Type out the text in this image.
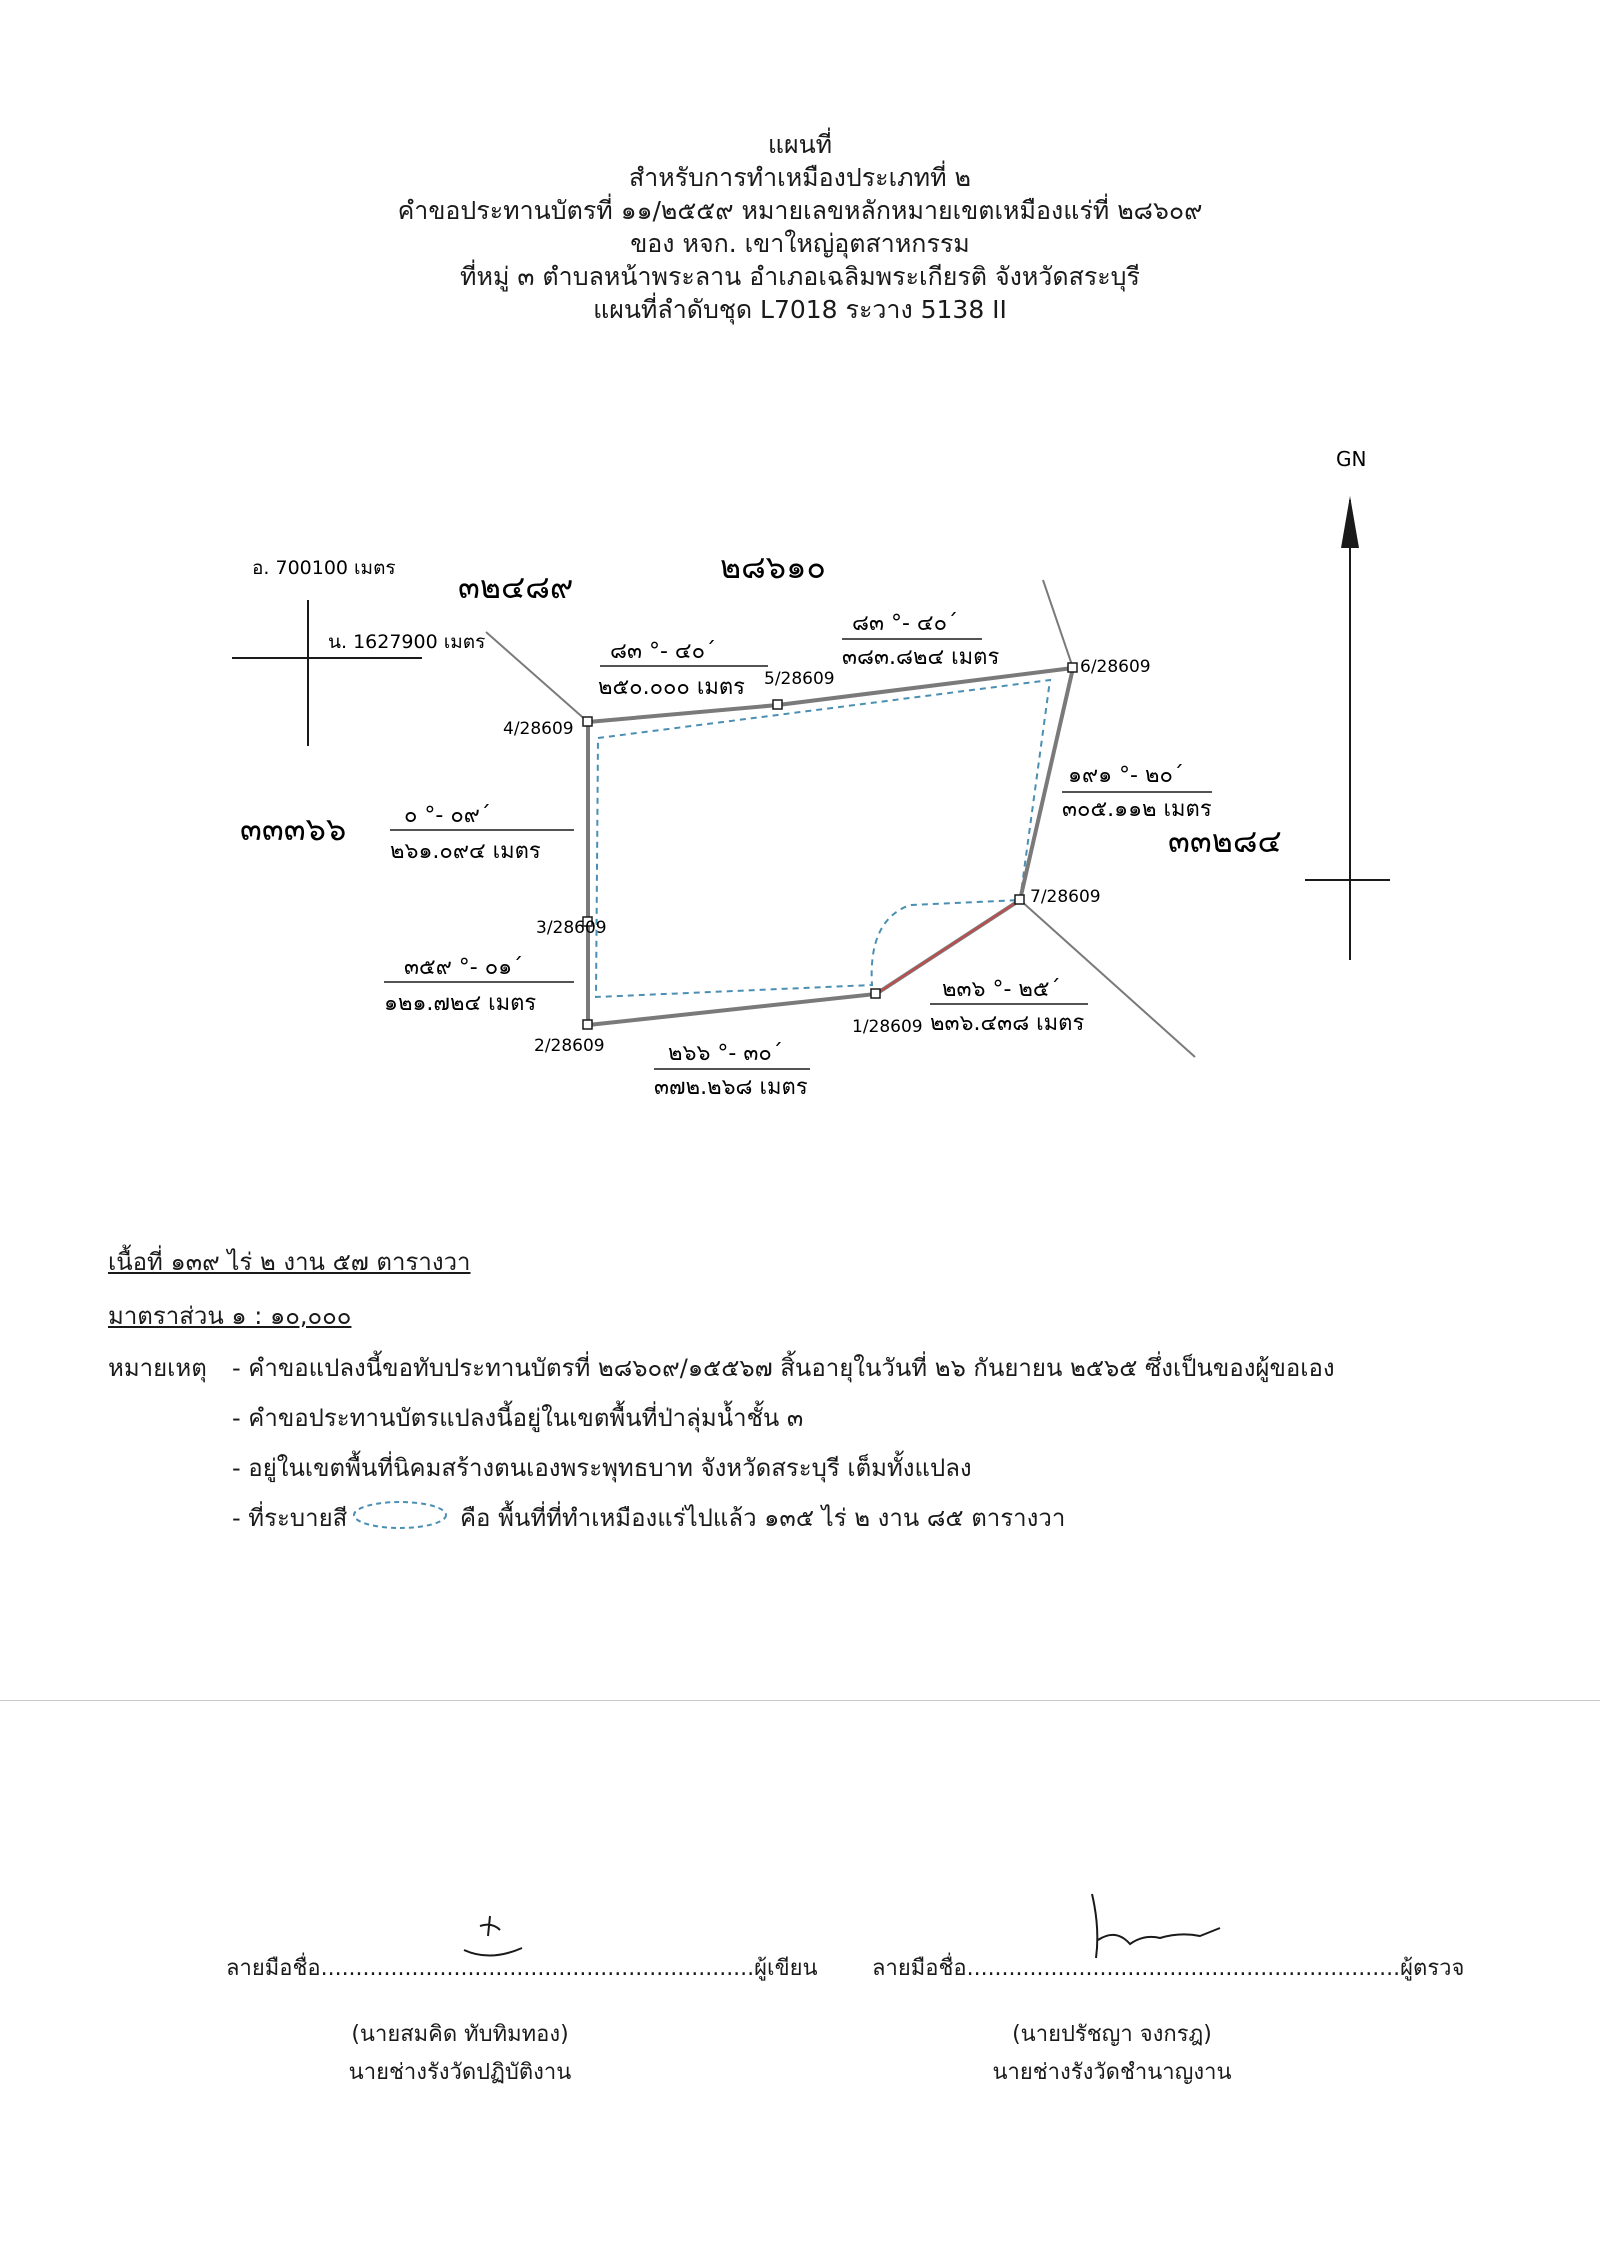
แผนที่
สำหรับการทำเหมืองประเภทที่ ๒
คำขอประทานบัตรที่ ๑๑/๒๕๕๙ หมายเลขหลักหมายเขตเหมืองแร่ที่ ๒๘๖๐๙
ของ หจก. เขาใหญ่อุตสาหกรรม
ที่หมู่ ๓ ตำบลหน้าพระลาน อำเภอเฉลิมพระเกียรติ จังหวัดสระบุรี
แผนที่ลำดับชุด L7018 ระวาง 5138 II
GN
อ. 700100 เมตร
น. 1627900 เมตร
๓๒๔๘๙
๒๘๖๑๐
๓๓๓๖๖	๓๓๒๘๔
1/28609
2/28609
3/28609
4/28609
5/28609
6/28609
7/28609
๘๓ °- ๔๐´
๒๕๐.๐๐๐ เมตร
๘๓ °- ๔๐´
๓๘๓.๘๒๔ เมตร
๑๙๑ °- ๒๐´
๓๐๕.๑๑๒ เมตร
๐ °- ๐๙´
๒๖๑.๐๙๔ เมตร
๓๕๙ °- ๐๑´
๑๒๑.๗๒๔ เมตร
๒๖๖ °- ๓๐´
๓๗๒.๒๖๘ เมตร
๒๓๖ °- ๒๕´
๒๓๖.๔๓๘ เมตร
เนื้อที่ ๑๓๙ ไร่ ๒ งาน ๕๗ ตารางวา
มาตราส่วน ๑ : ๑๐,๐๐๐
หมายเหตุ - คำขอแปลงนี้ขอทับประทานบัตรที่ ๒๘๖๐๙/๑๕๕๖๗ สิ้นอายุในวันที่ ๒๖ กันยายน ๒๕๖๕ ซึ่งเป็นของผู้ขอเอง
- คำขอประทานบัตรแปลงนี้อยู่ในเขตพื้นที่ป่าลุ่มน้ำชั้น ๓
- อยู่ในเขตพื้นที่นิคมสร้างตนเองพระพุทธบาท จังหวัดสระบุรี เต็มทั้งแปลง
- ที่ระบายสี	คือ พื้นที่ที่ทำเหมืองแร่ไปแล้ว ๑๓๕ ไร่ ๒ งาน ๘๕ ตารางวา
ลายมือชื่อ..............................................................ผู้เขียน
(นายสมคิด ทับทิมทอง)
นายช่างรังวัดปฏิบัติงาน
ลายมือชื่อ..............................................................ผู้ตรวจ
(นายปรัชญา จงกรฎ)
นายช่างรังวัดชำนาญงาน
